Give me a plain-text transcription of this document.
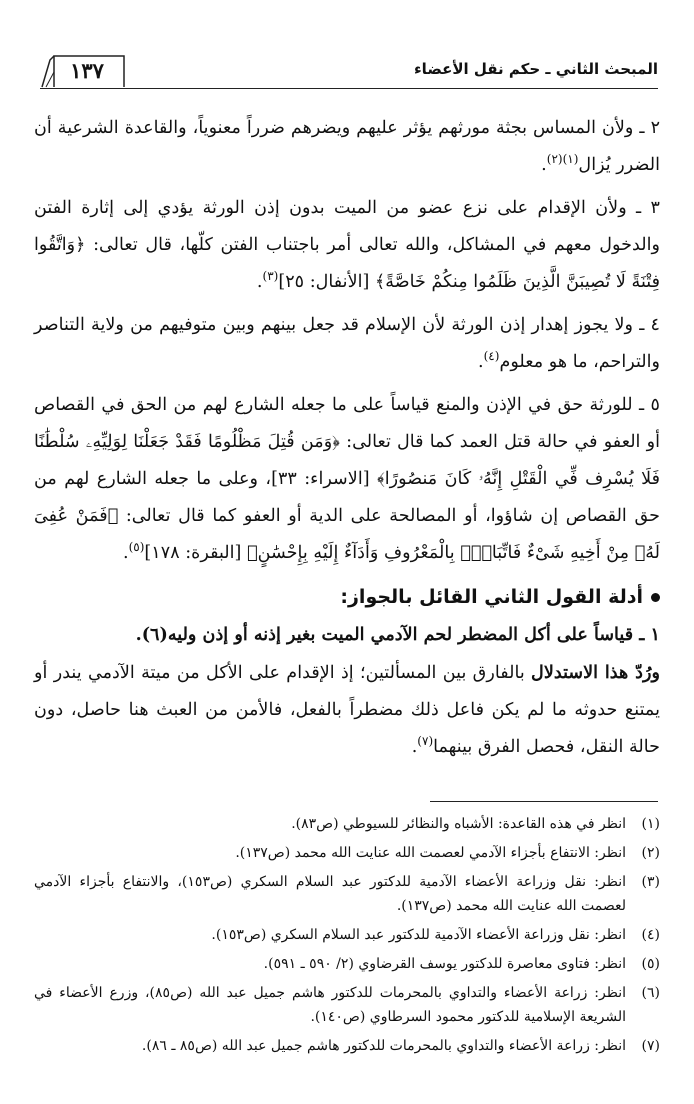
١٣٧	المبحث الثاني ـ حكم نقل الأعضاء

٢ ـ ولأن المساس بجثة مورثهم يؤثر عليهم ويضرهم ضرراً معنوياً، والقاعدة الشرعية أن الضرر يُزال$^{(١)(٢)}$.

٣ ـ ولأن الإقدام على نزع عضو من الميت بدون إذن الورثة يؤدي إلى إثارة الفتن والدخول معهم في المشاكل، والله تعالى أمر باجتناب الفتن كلّها، قال تعالى: ﴿وَاتَّقُوا فِتْنَةً لَا تُصِيبَنَّ الَّذِينَ ظَلَمُوا مِنكُمْ خَاصَّةً﴾ [الأنفال: ٢٥]$^{(٣)}$.

٤ ـ ولا يجوز إهدار إذن الورثة لأن الإسلام قد جعل بينهم وبين متوفيهم من ولاية التناصر والتراحم، ما هو معلوم$^{(٤)}$.

٥ ـ للورثة حق في الإذن والمنع قياساً على ما جعله الشارع لهم من الحق في القصاص أو العفو في حالة قتل العمد كما قال تعالى: ﴿وَمَن قُتِلَ مَظْلُومًا فَقَدْ جَعَلْنَا لِوَلِيِّهِۦ سُلْطَٰنًا فَلَا يُسْرِف فِّي الْقَتْلِ إِنَّهُۥ كَانَ مَنصُورًا﴾ [الاسراء: ٣٣]، وعلى ما جعله الشارع لهم من حق القصاص إن شاؤوا، أو المصالحة على الدية أو العفو كما قال تعالى: ﴿فَمَنْ عُفِىَ لَهُۥ مِنْ أَخِيهِ شَىْءٌ فَاتِّبَاعٌۢ بِالْمَعْرُوفِ وَأَدَآءٌ إِلَيْهِ بِإِحْسَٰنٍ﴾ [البقرة: ١٧٨]$^{(٥)}$.

أدلة القول الثاني القائل بالجواز:

١ ـ قياساً على أكل المضطر لحم الآدمي الميت بغير إذنه أو إذن وليه(٦).

ورُدّ هذا الاستدلال بالفارق بين المسألتين؛ إذ الإقدام على الأكل من ميتة الآدمي يندر أو يمتنع حدوثه ما لم يكن فاعل ذلك مضطراً بالفعل، فالأمن من العبث هنا حاصل، دون حالة النقل، فحصل الفرق بينهما$^{(٧)}$.

(١)
انظر في هذه القاعدة: الأشباه والنظائر للسيوطي (ص٨٣).
(٢)
انظر: الانتفاع بأجزاء الآدمي لعصمت الله عنايت الله محمد (ص١٣٧).
(٣)
انظر: نقل وزراعة الأعضاء الآدمية للدكتور عبد السلام السكري (ص١٥٣)، والانتفاع بأجزاء الآدمي لعصمت الله عنايت الله محمد (ص١٣٧).
(٤)
انظر: نقل وزراعة الأعضاء الآدمية للدكتور عبد السلام السكري (ص١٥٣).
(٥)
انظر: فتاوى معاصرة للدكتور يوسف القرضاوي (٢/ ٥٩٠ ـ ٥٩١).
(٦)
انظر: زراعة الأعضاء والتداوي بالمحرمات للدكتور هاشم جميل عبد الله (ص٨٥)، وزرع الأعضاء في الشريعة الإسلامية للدكتور محمود السرطاوي (ص١٤٠).
(٧)
انظر: زراعة الأعضاء والتداوي بالمحرمات للدكتور هاشم جميل عبد الله (ص٨٥ ـ ٨٦).
